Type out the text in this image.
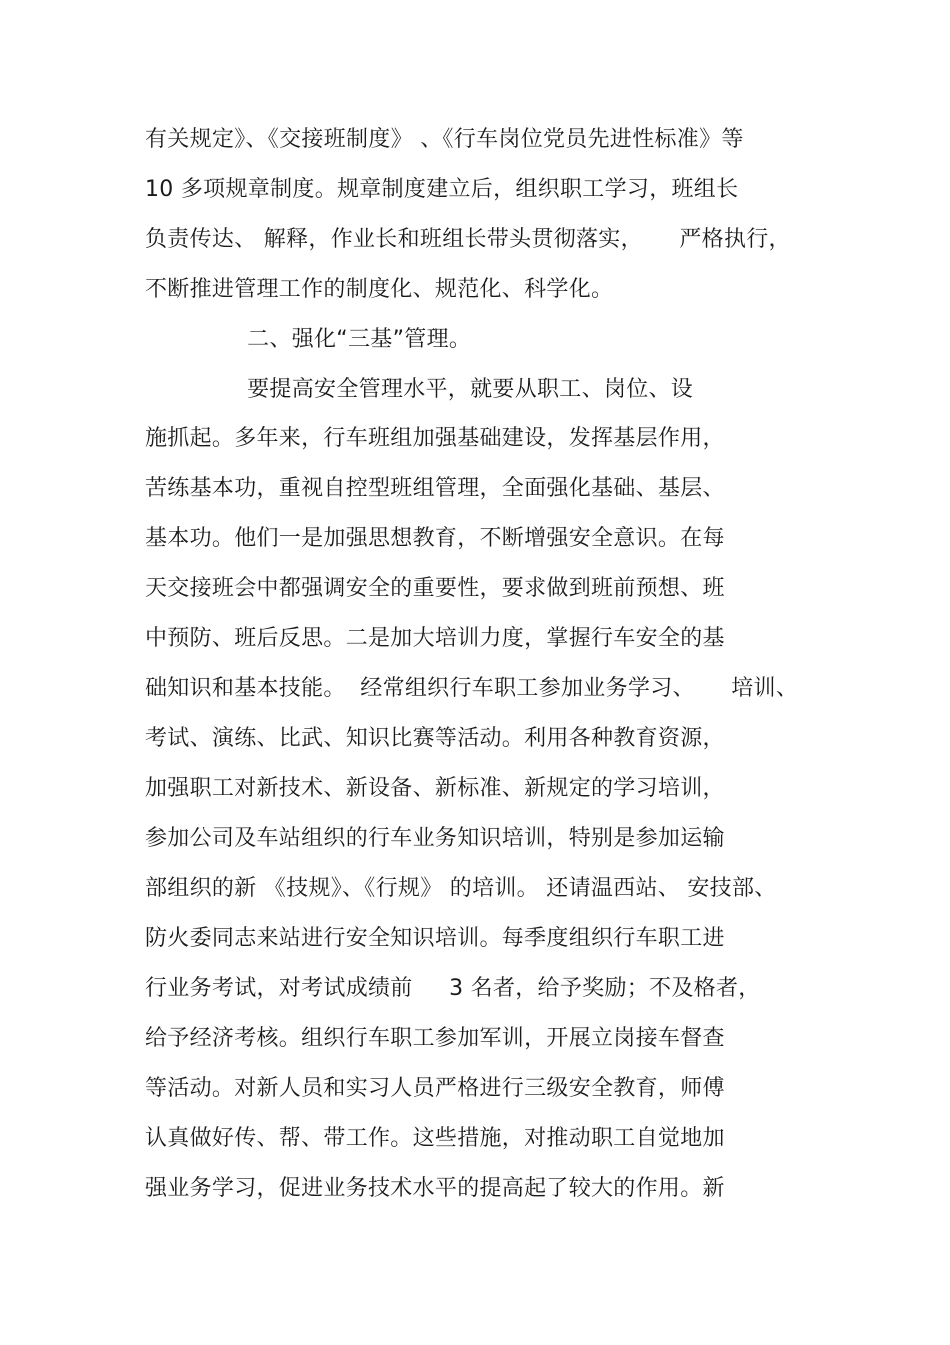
有关规定》、《交接班制度》 、《行车岗位党员先进性标准》等
10 多项规章制度。规章制度建立后，组织职工学习，班组长
负责传达、 解释，作业长和班组长带头贯彻落实，     严格执行，
不断推进管理工作的制度化、规范化、科学化。
二、强化“三基”管理。
要提高安全管理水平，就要从职工、岗位、设
施抓起。多年来，行车班组加强基础建设，发挥基层作用，
苦练基本功，重视自控型班组管理，全面强化基础、基层、
基本功。他们一是加强思想教育，不断增强安全意识。在每
天交接班会中都强调安全的重要性，要求做到班前预想、班
中预防、班后反思。二是加大培训力度，掌握行车安全的基
础知识和基本技能。  经常组织行车职工参加业务学习、     培训、
考试、演练、比武、知识比赛等活动。利用各种教育资源，
加强职工对新技术、新设备、新标准、新规定的学习培训，
参加公司及车站组织的行车业务知识培训，特别是参加运输
部组织的新 《技规》、《行规》 的培训。 还请温西站、 安技部、
防火委同志来站进行安全知识培训。每季度组织行车职工进
行业务考试，对考试成绩前     3 名者，给予奖励；不及格者，
给予经济考核。组织行车职工参加军训，开展立岗接车督查
等活动。对新人员和实习人员严格进行三级安全教育，师傅
认真做好传、帮、带工作。这些措施，对推动职工自觉地加
强业务学习，促进业务技术水平的提高起了较大的作用。新
